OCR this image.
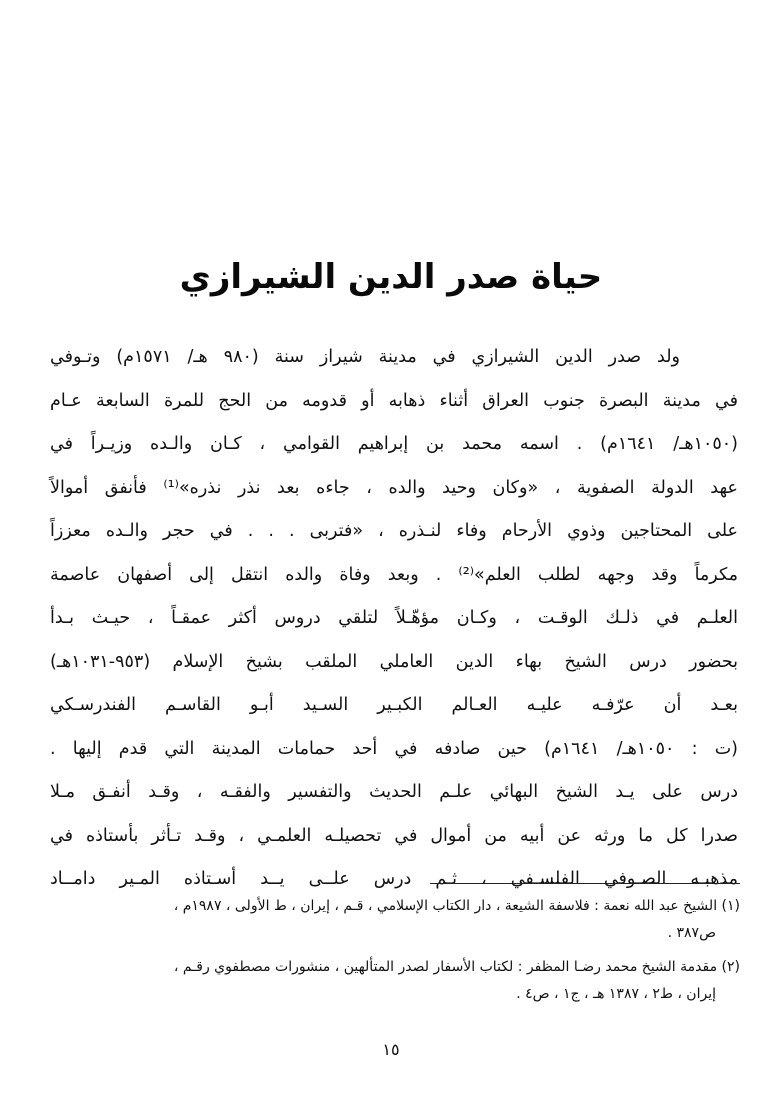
حياة صدر الدين الشيرازي
ولد صدر الدين الشيرازي في مدينة شيراز سنة (٩٨٠ هـ/ ١٥٧١م) وتـوفي
في مدينة البصرة جنوب العراق أثناء ذهابه أو قدومه من الحج للمرة السابعة عـام
(١٠٥٠هـ/ ١٦٤١م) . اسمه محمد بن إبراهيم القوامي ، كـان والـده وزيـراً في
عهد الدولة الصفوية ، «وكان وحيد والده ، جاءه بعد نذر نذره»⁽¹⁾ فأنفق أموالاً
على المحتاجين وذوي الأرحام وفاء لنـذره ، «فتربى . . . في حجر والـده معززاً
مكرماً وقد وجهه لطلب العلم»⁽²⁾ . وبعد وفاة والده انتقل إلى أصفهان عاصمة
العلـم في ذلـك الوقـت ، وكـان مؤهّـلاً لتلقي دروس أكثر عمقـاً ، حيـث بـدأ
بحضور درس الشيخ بهاء الدين العاملي الملقب بشيخ الإسلام (٩٥٣-١٠٣١هـ)
بعـد أن عرّفـه عليـه العـالم الكبـير السـيد أبـو القاسـم الفندرسـكي
(ت : ١٠٥٠هـ/ ١٦٤١م) حين صادفه في أحد حمامات المدينة التي قدم إليها .
درس على يـد الشيخ البهائي علـم الحديث والتفسير والفقـه ، وقـد أنفـق مـلا
صدرا كل ما ورثه عن أبيه من أموال في تحصيلـه العلمـي ، وقـد تـأثر بأستاذه في
مذهبـه الصـوفي الفلسـفي ، ثـم درس علــى يــد أسـتاذه المـير دامــاد
(١) الشيخ عبد الله نعمة : فلاسفة الشيعة ، دار الكتاب الإسلامي ، قـم ، إيران ، ط الأولى ، ١٩٨٧م ،
ص٣٨٧ .
(٢) مقدمة الشيخ محمد رضـا المظفر : لكتاب الأسفار لصدر المتألهين ، منشورات مصطفوي رقـم ،
إيران ، ط٢ ، ١٣٨٧ هـ ، ج١ ، ص٤ .
١٥
